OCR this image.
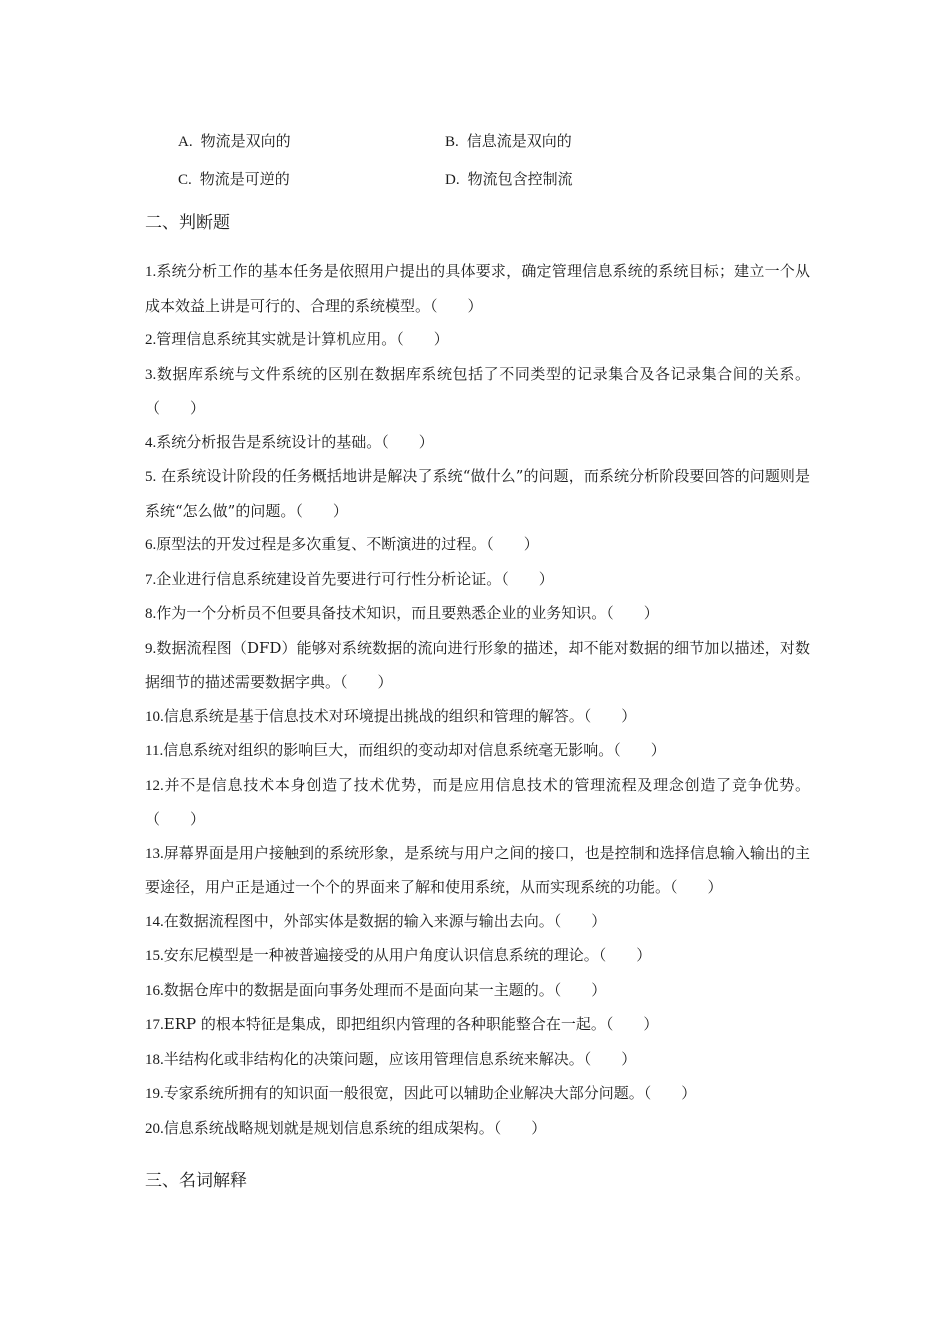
A. 物流是双向的	B. 信息流是双向的
C. 物流是可逆的	D. 物流包含控制流
二、判断题
1.系统分析工作的基本任务是依照用户提出的具体要求，确定管理信息系统的系统目标；建立一个从成本效益上讲是可行的、合理的系统模型。（　　）
2.管理信息系统其实就是计算机应用。（　　）
3.数据库系统与文件系统的区别在数据库系统包括了不同类型的记录集合及各记录集合间的关系。（　　）
4.系统分析报告是系统设计的基础。（　　）
5. 在系统设计阶段的任务概括地讲是解决了系统“做什么”的问题，而系统分析阶段要回答的问题则是系统“怎么做”的问题。（　　）
6.原型法的开发过程是多次重复、不断演进的过程。（　　）
7.企业进行信息系统建设首先要进行可行性分析论证。（　　）
8.作为一个分析员不但要具备技术知识，而且要熟悉企业的业务知识。（　　）
9.数据流程图（DFD）能够对系统数据的流向进行形象的描述，却不能对数据的细节加以描述，对数据细节的描述需要数据字典。（　　）
10.信息系统是基于信息技术对环境提出挑战的组织和管理的解答。（　　）
11.信息系统对组织的影响巨大，而组织的变动却对信息系统毫无影响。（　　）
12.并不是信息技术本身创造了技术优势，而是应用信息技术的管理流程及理念创造了竞争优势。（　　）
13.屏幕界面是用户接触到的系统形象，是系统与用户之间的接口，也是控制和选择信息输入输出的主要途径，用户正是通过一个个的界面来了解和使用系统，从而实现系统的功能。（　　）
14.在数据流程图中，外部实体是数据的输入来源与输出去向。（　　）
15.安东尼模型是一种被普遍接受的从用户角度认识信息系统的理论。（　　）
16.数据仓库中的数据是面向事务处理而不是面向某一主题的。（　　）
17.ERP 的根本特征是集成，即把组织内管理的各种职能整合在一起。（　　）
18.半结构化或非结构化的决策问题，应该用管理信息系统来解决。（　　）
19.专家系统所拥有的知识面一般很宽，因此可以辅助企业解决大部分问题。（　　）
20.信息系统战略规划就是规划信息系统的组成架构。（　　）
三、名词解释
